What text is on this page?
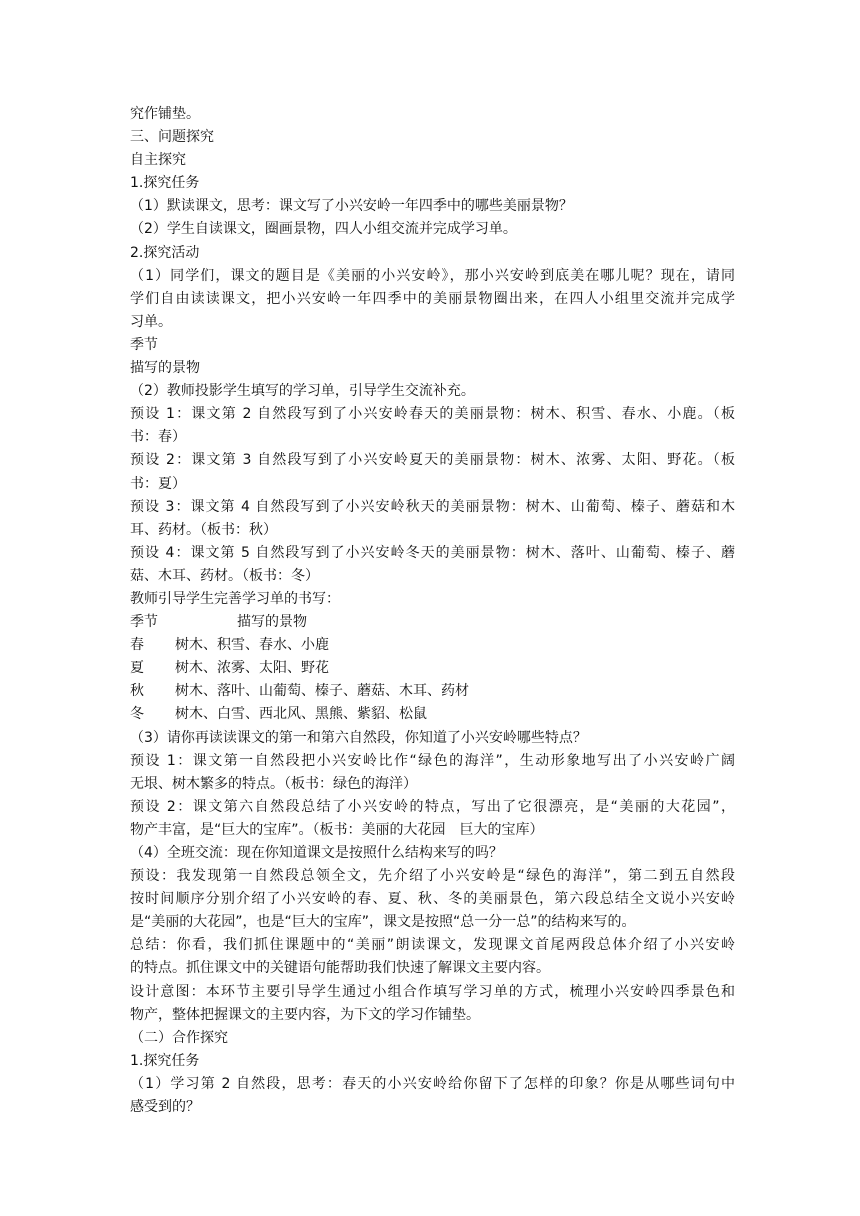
究作铺垫。
三、问题探究
自主探究
1.探究任务
（1）默读课文，思考：课文写了小兴安岭一年四季中的哪些美丽景物？
（2）学生自读课文，圈画景物，四人小组交流并完成学习单。
2.探究活动
（1）同学们，课文的题目是《美丽的小兴安岭》，那小兴安岭到底美在哪儿呢？现在，请同
学们自由读读课文，把小兴安岭一年四季中的美丽景物圈出来，在四人小组里交流并完成学
习单。
季节
描写的景物
（2）教师投影学生填写的学习单，引导学生交流补充。
预设 1：课文第 2 自然段写到了小兴安岭春天的美丽景物：树木、积雪、春水、小鹿。（板
书：春）
预设 2：课文第 3 自然段写到了小兴安岭夏天的美丽景物：树木、浓雾、太阳、野花。（板
书：夏）
预设 3：课文第 4 自然段写到了小兴安岭秋天的美丽景物：树木、山葡萄、榛子、蘑菇和木
耳、药材。（板书：秋）
预设 4：课文第 5 自然段写到了小兴安岭冬天的美丽景物：树木、落叶、山葡萄、榛子、蘑
菇、木耳、药材。（板书：冬）
教师引导学生完善学习单的书写：
季节	描写的景物
春 树木、积雪、春水、小鹿
夏 树木、浓雾、太阳、野花
秋 树木、落叶、山葡萄、榛子、蘑菇、木耳、药材
冬 树木、白雪、西北风、黑熊、紫貂、松鼠
（3）请你再读读课文的第一和第六自然段，你知道了小兴安岭哪些特点？
预设 1：课文第一自然段把小兴安岭比作“绿色的海洋”，生动形象地写出了小兴安岭广阔
无垠、树木繁多的特点。（板书：绿色的海洋）
预设 2：课文第六自然段总结了小兴安岭的特点，写出了它很漂亮，是“美丽的大花园”，
物产丰富，是“巨大的宝库”。（板书：美丽的大花园　巨大的宝库）
（4）全班交流：现在你知道课文是按照什么结构来写的吗？
预设：我发现第一自然段总领全文，先介绍了小兴安岭是“绿色的海洋”，第二到五自然段
按时间顺序分别介绍了小兴安岭的春、夏、秋、冬的美丽景色，第六段总结全文说小兴安岭
是“美丽的大花园”，也是“巨大的宝库”，课文是按照“总一分一总”的结构来写的。
总结：你看，我们抓住课题中的“美丽”朗读课文，发现课文首尾两段总体介绍了小兴安岭
的特点。抓住课文中的关键语句能帮助我们快速了解课文主要内容。
设计意图：本环节主要引导学生通过小组合作填写学习单的方式，梳理小兴安岭四季景色和
物产，整体把握课文的主要内容，为下文的学习作铺垫。
（二）合作探究
1.探究任务
（1）学习第 2 自然段，思考：春天的小兴安岭给你留下了怎样的印象？你是从哪些词句中
感受到的？
